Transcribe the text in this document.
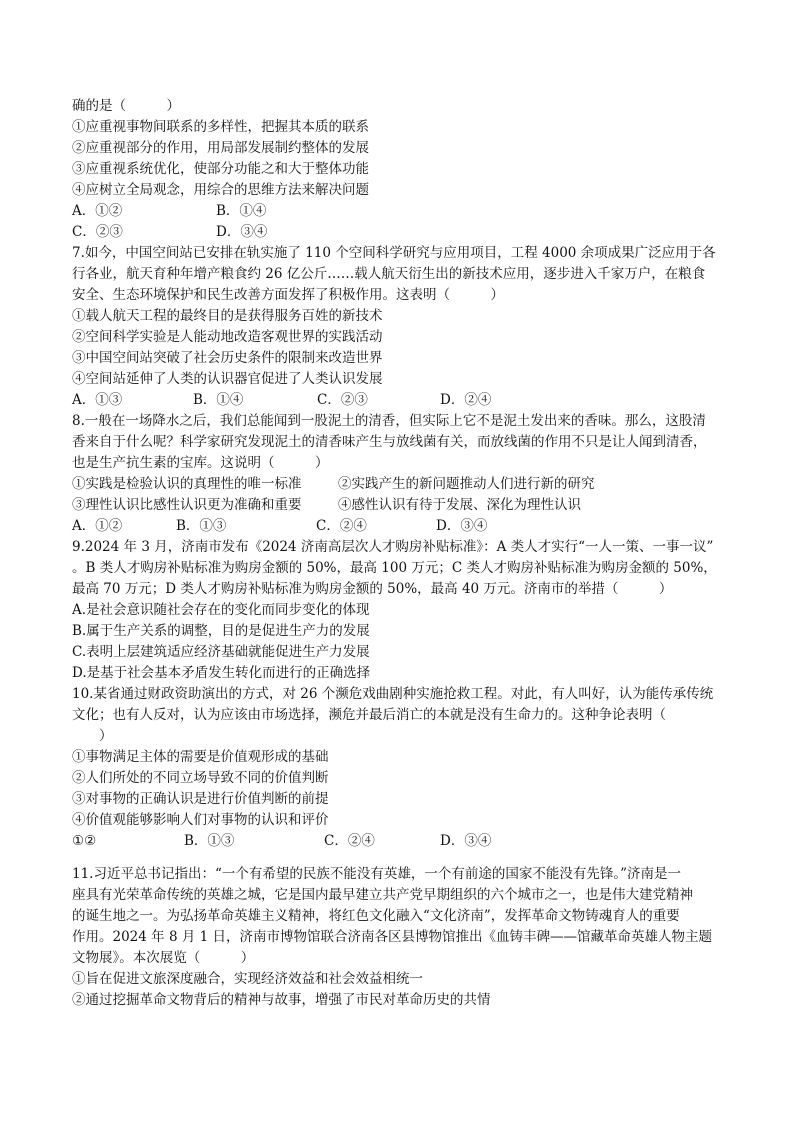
确的是（　　　）
①应重视事物间联系的多样性，把握其本质的联系
②应重视部分的作用，用局部发展制约整体的发展
③应重视系统优化，使部分功能之和大于整体功能
④应树立全局观念，用综合的思维方法来解决问题
A．①②	B．①④
C．②③	D．③④
7.如今，中国空间站已安排在轨实施了 110 个空间科学研究与应用项目，工程 4000 余项成果广泛应用于各
行各业，航天育种年增产粮食约 26 亿公斤……载人航天衍生出的新技术应用，逐步进入千家万户，在粮食
安全、生态环境保护和民生改善方面发挥了积极作用。这表明（　　　）
①载人航天工程的最终目的是获得服务百姓的新技术
②空间科学实验是人能动地改造客观世界的实践活动
③中国空间站突破了社会历史条件的限制来改造世界
④空间站延伸了人类的认识器官促进了人类认识发展
A．①③	B．①④	C．②③	D．②④
8.一般在一场降水之后，我们总能闻到一股泥土的清香，但实际上它不是泥土发出来的香味。那么，这股清
香来自于什么呢？科学家研究发现泥土的清香味产生与放线菌有关，而放线菌的作用不只是让人闻到清香，
也是生产抗生素的宝库。这说明（　　　）
①实践是检验认识的真理性的唯一标准	②实践产生的新问题推动人们进行新的研究
③理性认识比感性认识更为准确和重要	④感性认识有待于发展、深化为理性认识
A．①②	B．①③	C．②④	D．③④
9.2024 年 3 月，济南市发布《2024 济南高层次人才购房补贴标准》：A 类人才实行“一人一策、一事一议”
。B 类人才购房补贴标准为购房金额的 50%，最高 100 万元；C 类人才购房补贴标准为购房金额的 50%，
最高 70 万元；D 类人才购房补贴标准为购房金额的 50%，最高 40 万元。济南市的举措（　　　）
A.是社会意识随社会存在的变化而同步变化的体现
B.属于生产关系的调整，目的是促进生产力的发展
C.表明上层建筑适应经济基础就能促进生产力发展
D.是基于社会基本矛盾发生转化而进行的正确选择
10.某省通过财政资助演出的方式，对 26 个濒危戏曲剧种实施抢救工程。对此，有人叫好，认为能传承传统
文化；也有人反对，认为应该由市场选择，濒危并最后消亡的本就是没有生命力的。这种争论表明（
　　）
①事物满足主体的需要是价值观形成的基础
②人们所处的不同立场导致不同的价值判断
③对事物的正确认识是进行价值判断的前提
④价值观能够影响人们对事物的认识和评价
①②	B．①③	C．②④	D．③④
11.习近平总书记指出：“一个有希望的民族不能没有英雄，一个有前途的国家不能没有先锋。”济南是一
座具有光荣革命传统的英雄之城，它是国内最早建立共产党早期组织的六个城市之一，也是伟大建党精神
的诞生地之一。为弘扬革命英雄主义精神，将红色文化融入“文化济南”，发挥革命文物铸魂育人的重要
作用。2024 年 8 月 1 日，济南市博物馆联合济南各区县博物馆推出《血铸丰碑——馆藏革命英雄人物主题
文物展》。本次展览（　　　）
①旨在促进文旅深度融合，实现经济效益和社会效益相统一
②通过挖掘革命文物背后的精神与故事，增强了市民对革命历史的共情
